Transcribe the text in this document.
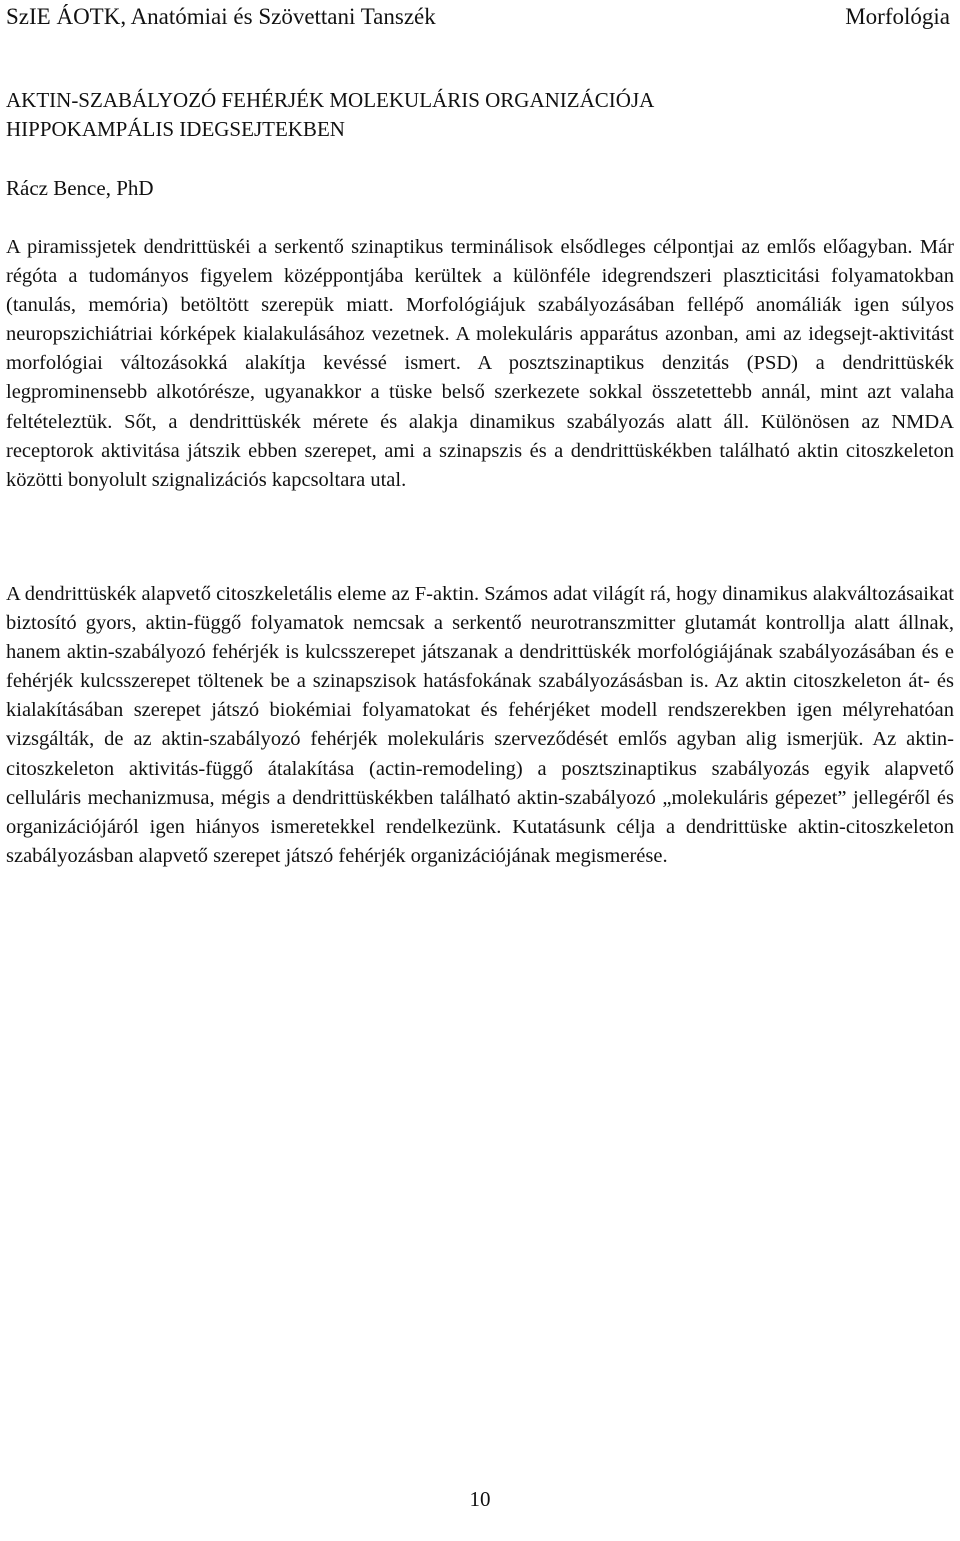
SzIE ÁOTK, Anatómiai és Szövettani Tanszék	Morfológia
AKTIN-SZABÁLYOZÓ FEHÉRJÉK MOLEKULÁRIS ORGANIZÁCIÓJA
HIPPOKAMPÁLIS IDEGSEJTEKBEN

Rácz Bence, PhD

A piramissjetek dendrittüskéi a serkentő szinaptikus terminálisok elsődleges célpontjai az emlős előagyban. Már régóta a tudományos figyelem középpontjába kerültek a különféle idegrendszeri plaszticitási folyamatokban (tanulás, memória) betöltött szerepük miatt. Morfológiájuk szabályozásában fellépő anomáliák igen súlyos neuropszichiátriai kórképek kialakulásához vezetnek. A molekuláris apparátus azonban, ami az idegsejt-aktivitást morfológiai változásokká alakítja kevéssé ismert. A posztszinaptikus denzitás (PSD) a dendrittüskék legprominensebb alkotórésze, ugyanakkor a tüske belső szerkezete sokkal összetettebb annál, mint azt valaha feltételeztük. Sőt, a dendrittüskék mérete és alakja dinamikus szabályozás alatt áll. Különösen az NMDA receptorok aktivitása játszik ebben szerepet, ami a szinapszis és a dendrittüskékben található aktin citoszkeleton közötti bonyolult szignalizációs kapcsoltara utal.

A dendrittüskék alapvető citoszkeletális eleme az F-aktin. Számos adat világít rá, hogy dinamikus alakváltozásaikat biztosító gyors, aktin-függő folyamatok nemcsak a serkentő neurotranszmitter glutamát kontrollja alatt állnak, hanem aktin-szabályozó fehérjék is kulcsszerepet játszanak a dendrittüskék morfológiájának szabályozásában és e fehérjék kulcsszerepet töltenek be a szinapszisok hatásfokának szabályozásásban is. Az aktin citoszkeleton át- és kialakításában szerepet játszó biokémiai folyamatokat és fehérjéket modell rendszerekben igen mélyrehatóan vizsgálták, de az aktin-szabályozó fehérjék molekuláris szerveződését emlős agyban alig ismerjük. Az aktin-citoszkeleton aktivitás-függő átalakítása (actin-remodeling) a posztszinaptikus szabályozás egyik alapvető celluláris mechanizmusa, mégis a dendrittüskékben található aktin-szabályozó „molekuláris gépezet” jellegéről és organizációjáról igen hiányos ismeretekkel rendelkezünk. Kutatásunk célja a dendrittüske aktin-citoszkeleton szabályozásban alapvető szerepet játszó fehérjék organizációjának megismerése.

10
